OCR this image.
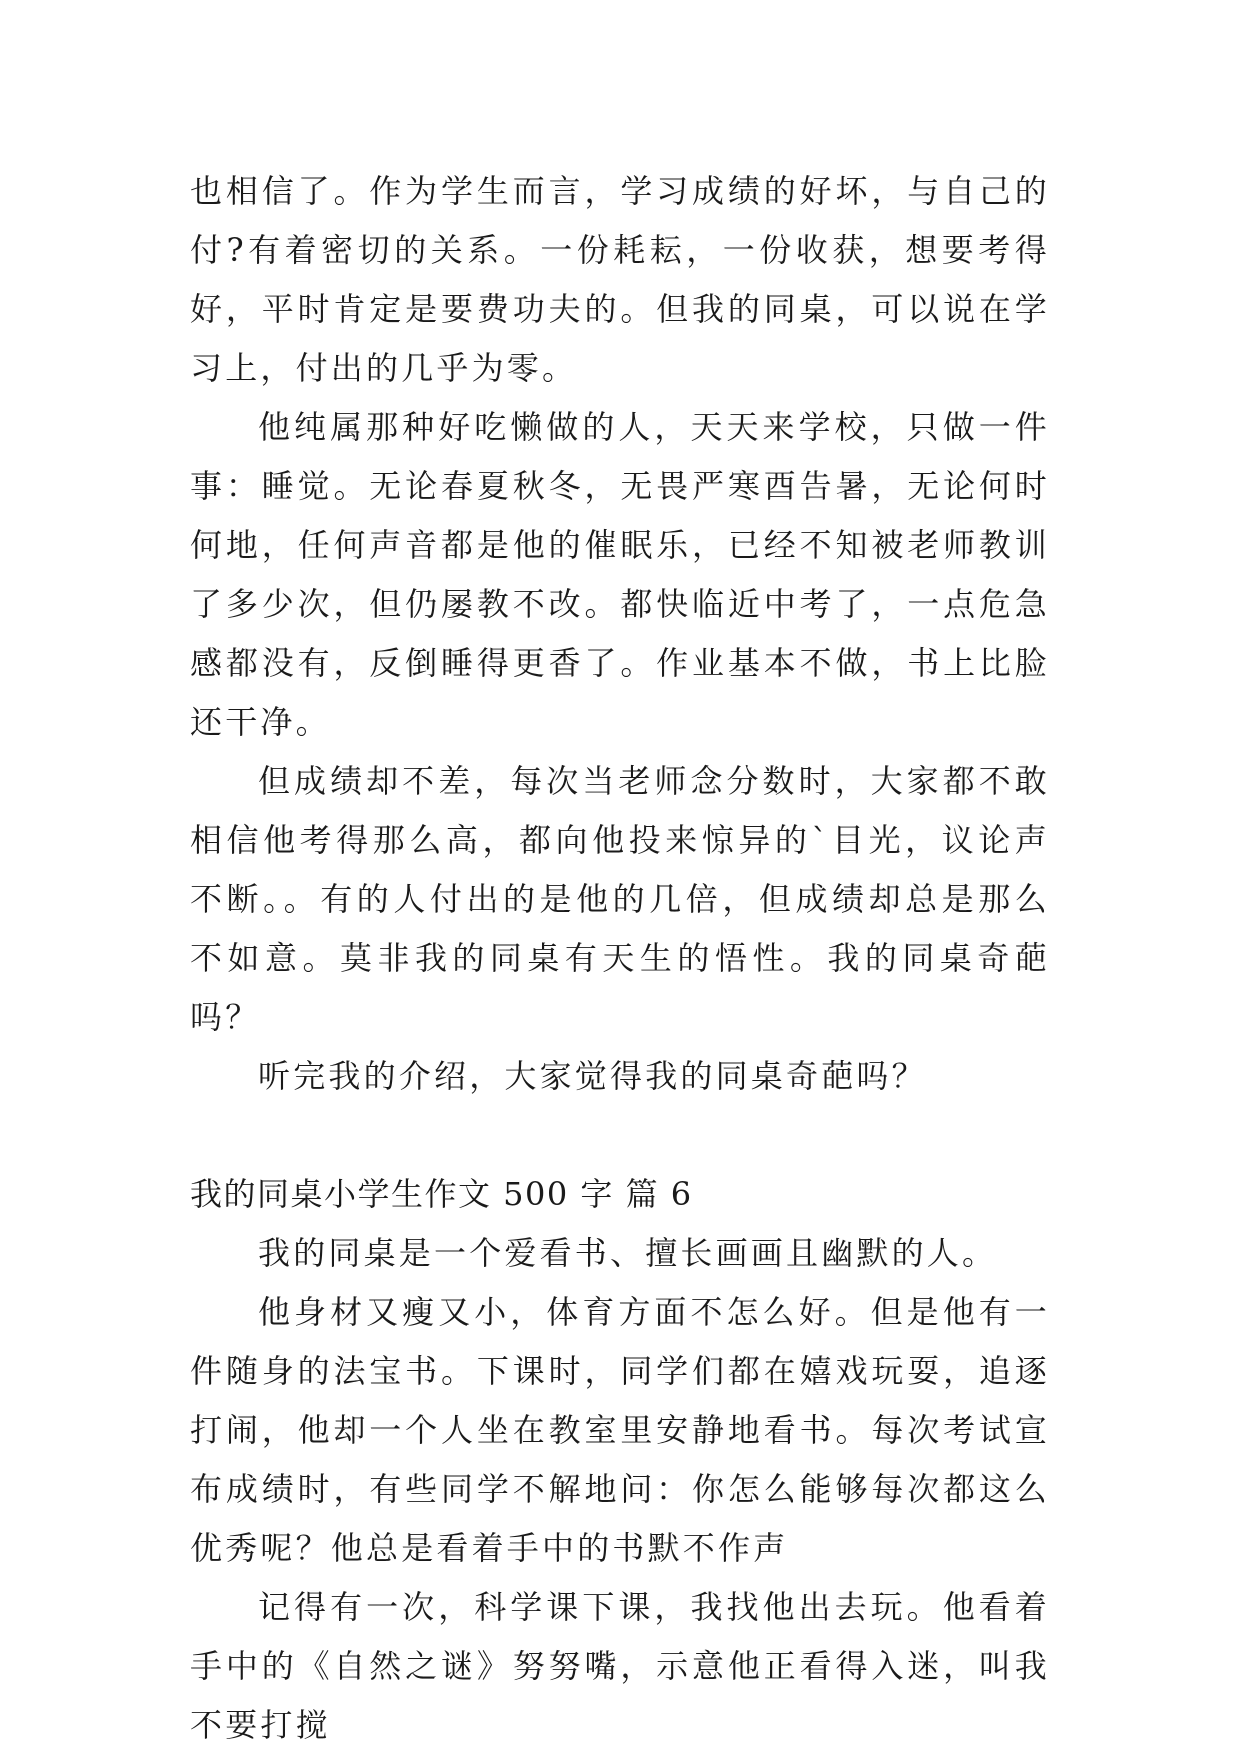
也相信了。作为学生而言，学习成绩的好坏，与自己的付?有着密切的关系。一份耗耘，一份收获，想要考得好，平时肯定是要费功夫的。但我的同桌，可以说在学习上，付出的几乎为零。

他纯属那种好吃懒做的人，天天来学校，只做一件事：睡觉。无论春夏秋冬，无畏严寒酉告暑，无论何时何地，任何声音都是他的催眠乐，已经不知被老师教训了多少次，但仍屡教不改。都快临近中考了，一点危急感都没有，反倒睡得更香了。作业基本不做，书上比脸还干净。

但成绩却不差，每次当老师念分数时，大家都不敢相信他考得那么高，都向他投来惊异的`目光，议论声不断。。有的人付出的是他的几倍，但成绩却总是那么不如意。莫非我的同桌有天生的悟性。我的同桌奇葩吗？

听完我的介绍，大家觉得我的同桌奇葩吗？

我的同桌小学生作文 500 字 篇 6

我的同桌是一个爱看书、擅长画画且幽默的人。

他身材又瘦又小，体育方面不怎么好。但是他有一件随身的法宝书。下课时，同学们都在嬉戏玩耍，追逐打闹，他却一个人坐在教室里安静地看书。每次考试宣布成绩时，有些同学不解地问：你怎么能够每次都这么优秀呢？他总是看着手中的书默不作声

记得有一次，科学课下课，我找他出去玩。他看着手中的《自然之谜》努努嘴，示意他正看得入迷，叫我不要打搅
